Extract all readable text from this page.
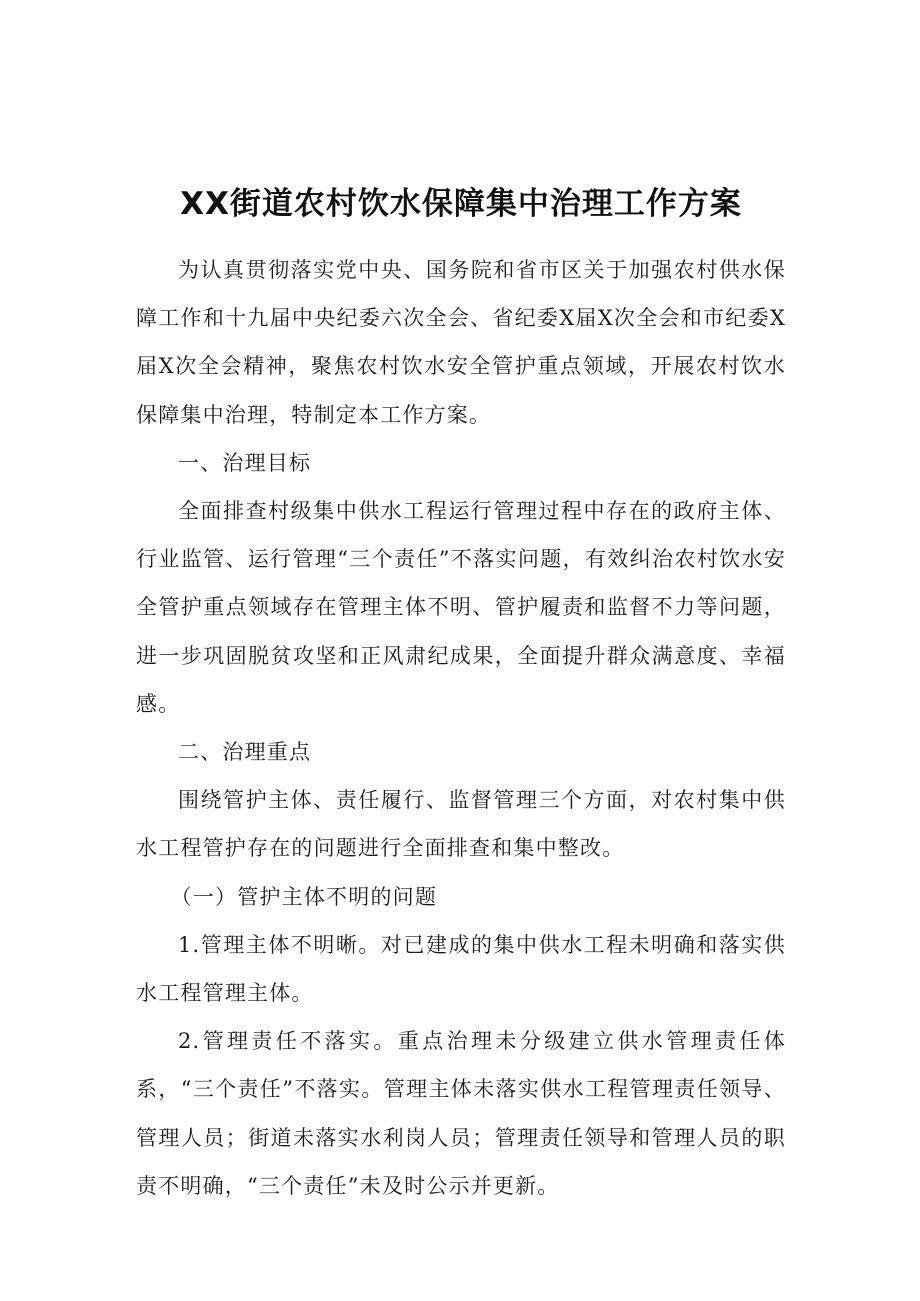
XX街道农村饮水保障集中治理工作方案

为认真贯彻落实党中央、国务院和省市区关于加强农村供水保障工作和十九届中央纪委六次全会、省纪委X届X次全会和市纪委X届X次全会精神，聚焦农村饮水安全管护重点领域，开展农村饮水保障集中治理，特制定本工作方案。

一、治理目标

全面排查村级集中供水工程运行管理过程中存在的政府主体、行业监管、运行管理“三个责任”不落实问题，有效纠治农村饮水安全管护重点领域存在管理主体不明、管护履责和监督不力等问题，进一步巩固脱贫攻坚和正风肃纪成果，全面提升群众满意度、幸福感。

二、治理重点

围绕管护主体、责任履行、监督管理三个方面，对农村集中供水工程管护存在的问题进行全面排查和集中整改。

（一）管护主体不明的问题

1.管理主体不明晰。对已建成的集中供水工程未明确和落实供水工程管理主体。

2.管理责任不落实。重点治理未分级建立供水管理责任体系，“三个责任”不落实。管理主体未落实供水工程管理责任领导、管理人员；街道未落实水利岗人员；管理责任领导和管理人员的职责不明确，“三个责任”未及时公示并更新。
